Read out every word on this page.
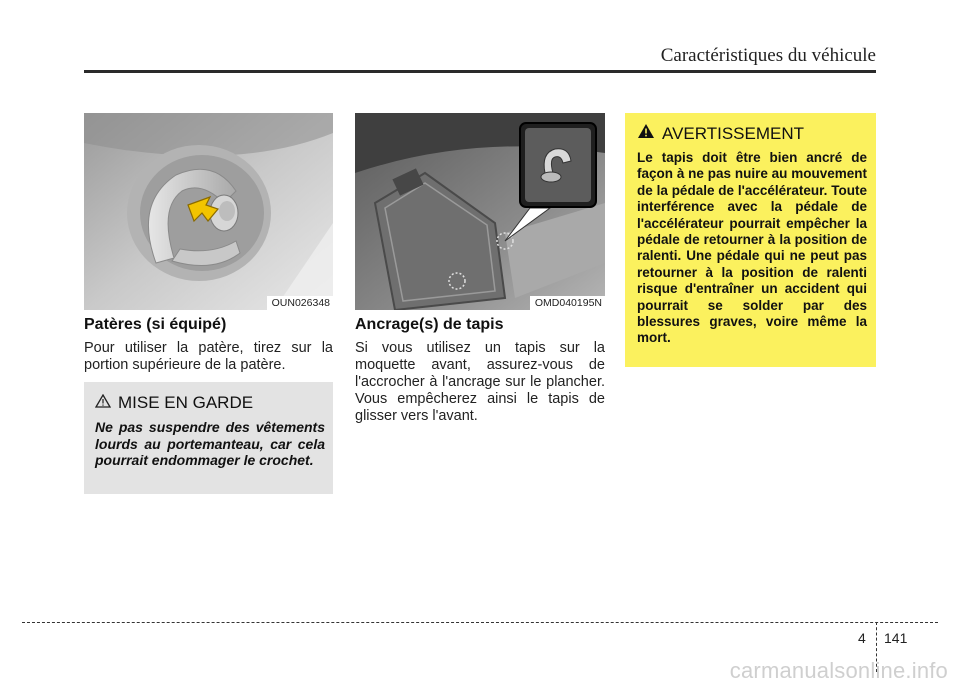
Caractéristiques du véhicule
OUN026348	OMD040195N
Patères (si équipé)
Pour utiliser la patère, tirez sur la portion supérieure de la patère.
Ancrage(s) de tapis
Si vous utilisez un tapis sur la moquette avant, assurez-vous de l'accrocher à l'ancrage sur le plancher. Vous empêcherez ainsi le tapis de glisser vers l'avant.
MISE EN GARDE
Ne pas suspendre des vêtements lourds au portemanteau, car cela pourrait endommager le crochet.
AVERTISSEMENT
Le tapis doit être bien ancré de façon à ne pas nuire au mouvement de la pédale de l'accélérateur. Toute interférence avec la pédale de l'accélérateur pourrait empêcher la pédale de retourner à la position de ralenti. Une pédale qui ne peut pas retourner à la position de ralenti risque d'entraîner un accident qui pourrait se solder par des blessures graves, voire même la mort.
4 141
carmanualsonline.info
